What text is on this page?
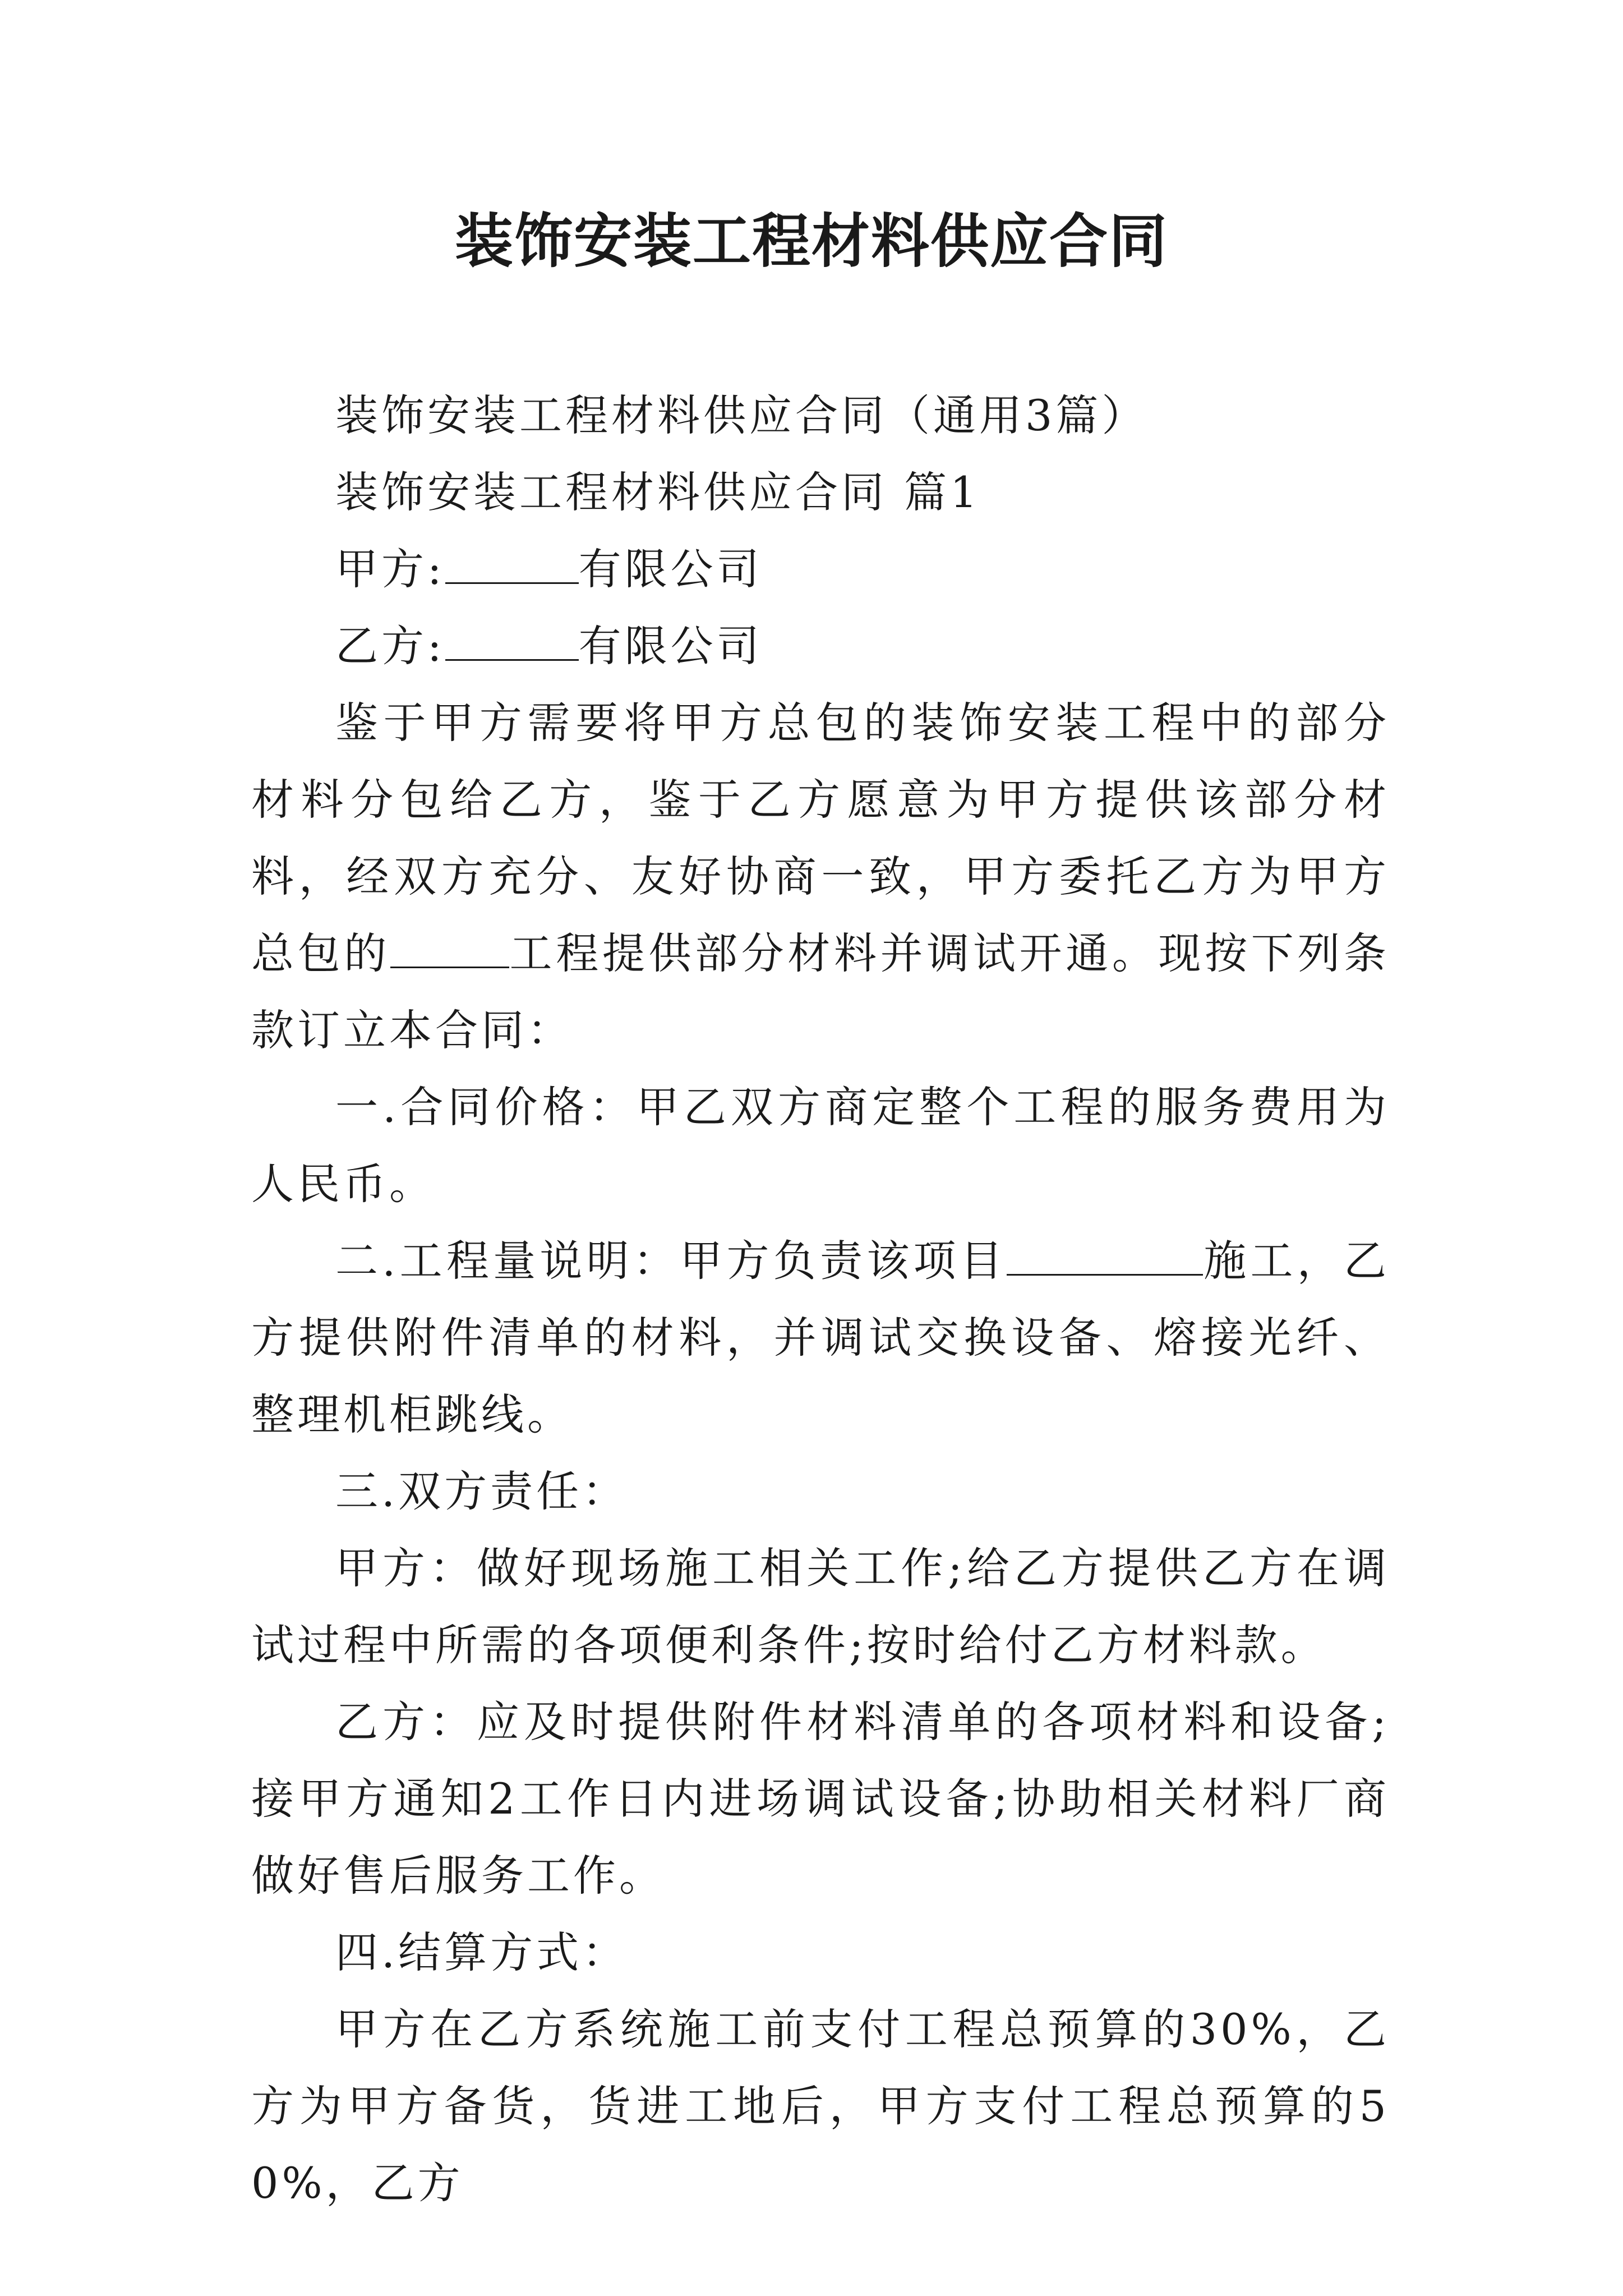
装饰安装工程材料供应合同

装饰安装工程材料供应合同（通用3篇）

装饰安装工程材料供应合同 篇1

甲方:	有限公司

乙方:	有限公司

鉴于甲方需要将甲方总包的装饰安装工程中的部分材料分包给乙方，鉴于乙方愿意为甲方提供该部分材料，经双方充分、友好协商一致，甲方委托乙方为甲方总包的	工程提供部分材料并调试开通。现按下列条款订立本合同：

一.合同价格：甲乙双方商定整个工程的服务费用为人民币。

二.工程量说明：甲方负责该项目	施工，乙方提供附件清单的材料，并调试交换设备、熔接光纤、整理机柜跳线。

三.双方责任：

甲方：做好现场施工相关工作;给乙方提供乙方在调试过程中所需的各项便利条件;按时给付乙方材料款。

乙方：应及时提供附件材料清单的各项材料和设备;接甲方通知2工作日内进场调试设备;协助相关材料厂商做好售后服务工作。

四.结算方式：

甲方在乙方系统施工前支付工程总预算的30%，乙方为甲方备货，货进工地后，甲方支付工程总预算的50%，乙方
